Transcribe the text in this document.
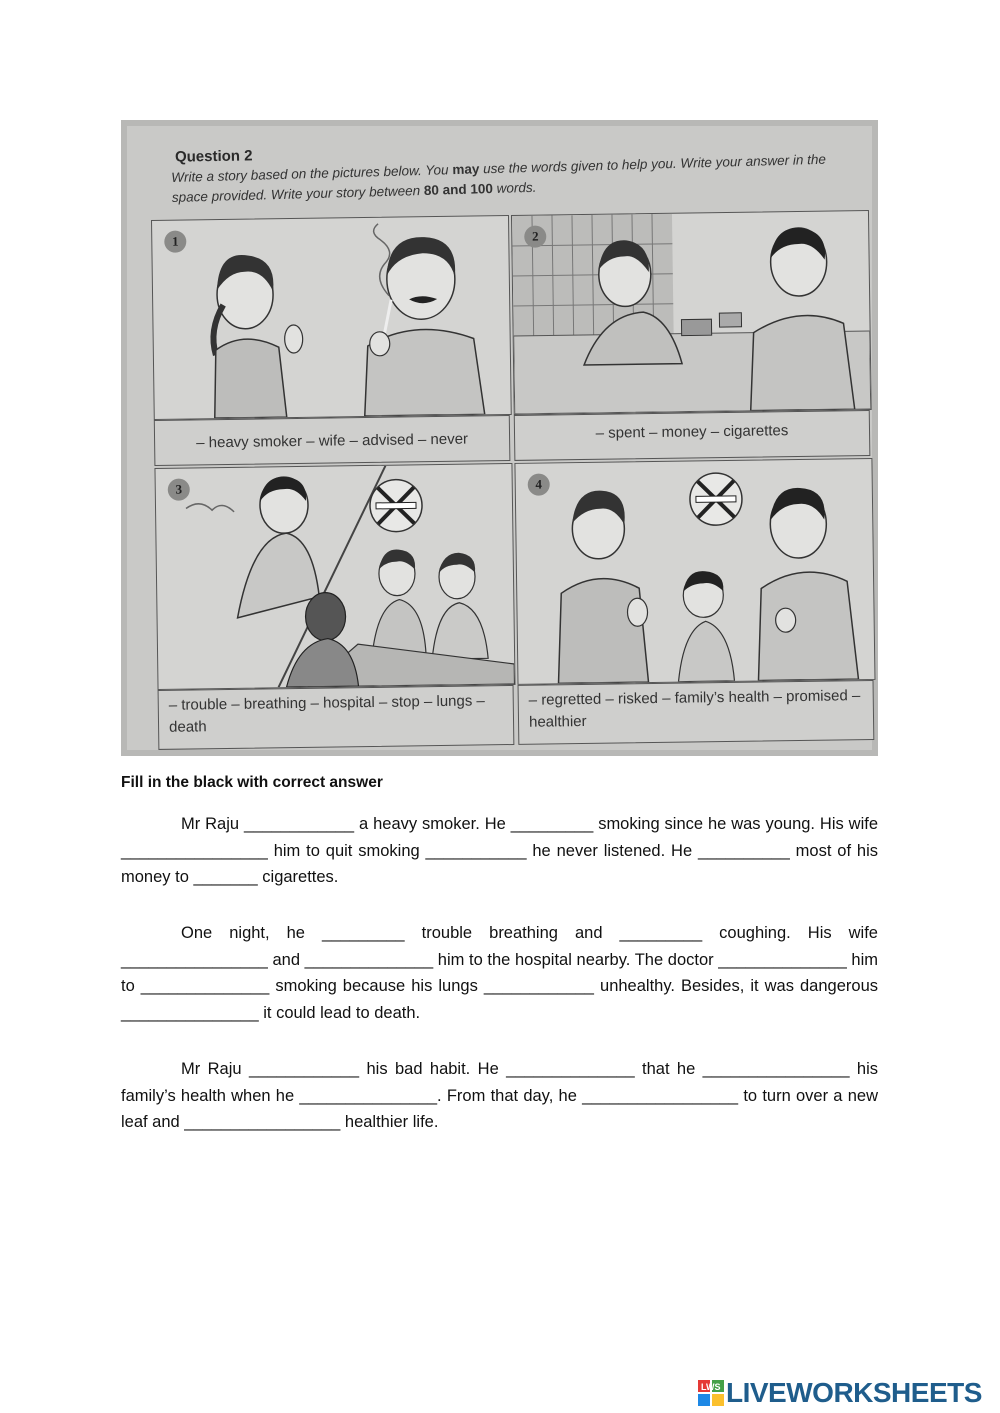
Question 2
Write a story based on the pictures below. You may use the words given to help you. Write your answer in the space provided. Write your story between 80 and 100 words.
1
– heavy smoker – wife – advised – never
2
– spent – money – cigarettes
3
– trouble – breathing – hospital – stop – lungs – death
4
– regretted – risked – family’s health – promised – healthier
Fill in the black with correct answer

Mr Raju ____________ a heavy smoker. He _________ smoking since he was young. His wife ________________ him to quit smoking ___________ he never listened. He __________ most of his money to _______ cigarettes.

One night, he _________ trouble breathing and _________ coughing. His wife ________________ and ______________ him to the hospital nearby. The doctor ______________ him to ______________ smoking because his lungs ____________ unhealthy. Besides, it was dangerous _______________ it could lead to death.

Mr Raju ____________ his bad habit. He ______________ that he ________________ his family’s health when he _______________. From that day, he _________________ to turn over a new leaf and _________________ healthier life.

LWS LIVEWORKSHEETS
